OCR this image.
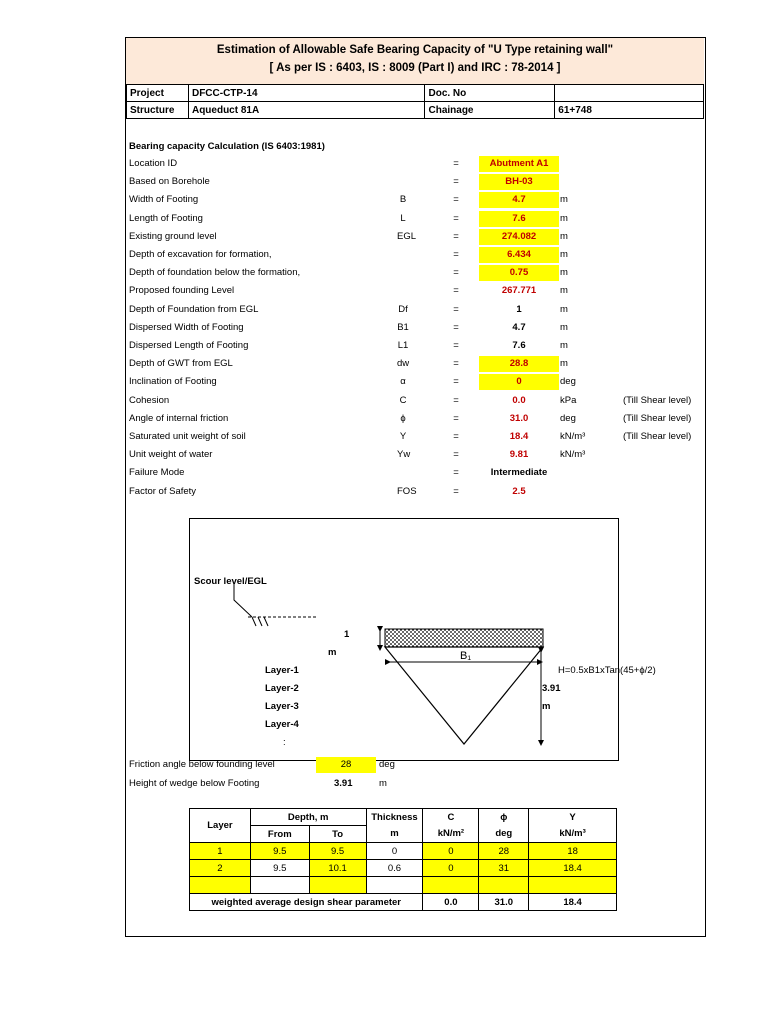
Estimation of Allowable Safe Bearing Capacity of "U Type retaining wall"
[ As per IS : 6403, IS : 8009 (Part I) and IRC : 78-2014 ]
Project	DFCC-CTP-14	Doc. No	
Structure	Aqueduct 81A	Chainage	61+748
Bearing capacity Calculation (IS 6403:1981)
Location ID	=	Abutment A1
Based on Borehole	=	BH-03
Width of Footing	B	=	4.7	m
Length of Footing	L	=	7.6	m
Existing ground level	EGL	=	274.082	m
Depth of excavation for formation,	=	6.434	m
Depth of foundation below the formation,	=	0.75	m
Proposed founding Level	=	267.771	m
Depth of Foundation from EGL	Df	=	1	m
Dispersed Width of Footing	B1	=	4.7	m
Dispersed Length of Footing	L1	=	7.6	m
Depth of GWT from EGL	dw	=	28.8	m
Inclination of Footing	α	=	0	deg
Cohesion	C	=	0.0	kPa	(Till Shear level)
Angle of internal friction	ϕ	=	31.0	deg	(Till Shear level)
Saturated unit weight of soil	Y	=	18.4	kN/m³	(Till Shear level)
Unit weight of water	Yw	=	9.81	kN/m³
Failure Mode	=	Intermediate
Factor of Safety	FOS	=	2.5
Scour level/EGL
1
m	B₁
H=0.5xB1xTan(45+ϕ/2)
3.91
m
Layer-1
Layer-2
Layer-3
Layer-4
:
Friction angle below founding level	28	deg
Height of wedge below Footing	3.91	m
Layer	Depth, m		Thickness	C	ϕ	Y
	From	To	m	kN/m²	deg	kN/m³
1	9.5	9.5	0	0	28	18
2	9.5	10.1	0.6	0	31	18.4

weighted average design shear parameter				0.0	31.0	18.4
